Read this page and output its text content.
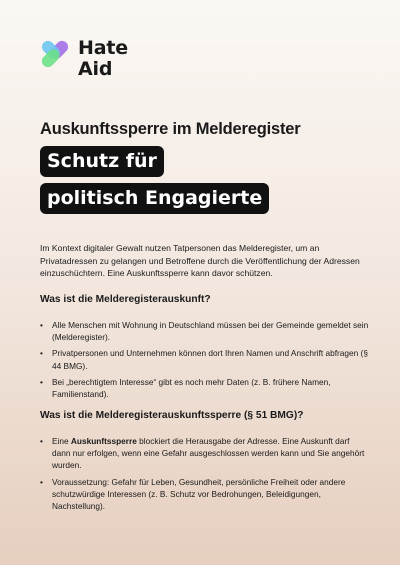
Hate
Aid
Auskunftssperre im Melderegister
Schutz für
politisch Engagierte

Im Kontext digitaler Gewalt nutzen Tatpersonen das Melderegister, um an Privatadressen zu gelangen und Betroffene durch die Veröffentlichung der Adressen einzuschüchtern. Eine Auskunftssperre kann davor schützen.

Was ist die Melderegisterauskunft?
• Alle Menschen mit Wohnung in Deutschland müssen bei der Gemeinde gemeldet sein (Melderegister).
• Privatpersonen und Unternehmen können dort Ihren Namen und Anschrift abfragen (§ 44 BMG).
• Bei „berechtigtem Interesse“ gibt es noch mehr Daten (z. B. frühere Namen, Familienstand).
Was ist die Melderegisterauskunftssperre (§ 51 BMG)?
• Eine Auskunftssperre blockiert die Herausgabe der Adresse. Eine Auskunft darf dann nur erfolgen, wenn eine Gefahr ausgeschlossen werden kann und Sie angehört wurden.
• Voraussetzung: Gefahr für Leben, Gesundheit, persönliche Freiheit oder andere schutzwürdige Interessen (z. B. Schutz vor Bedrohungen, Beleidigungen, Nachstellung).
